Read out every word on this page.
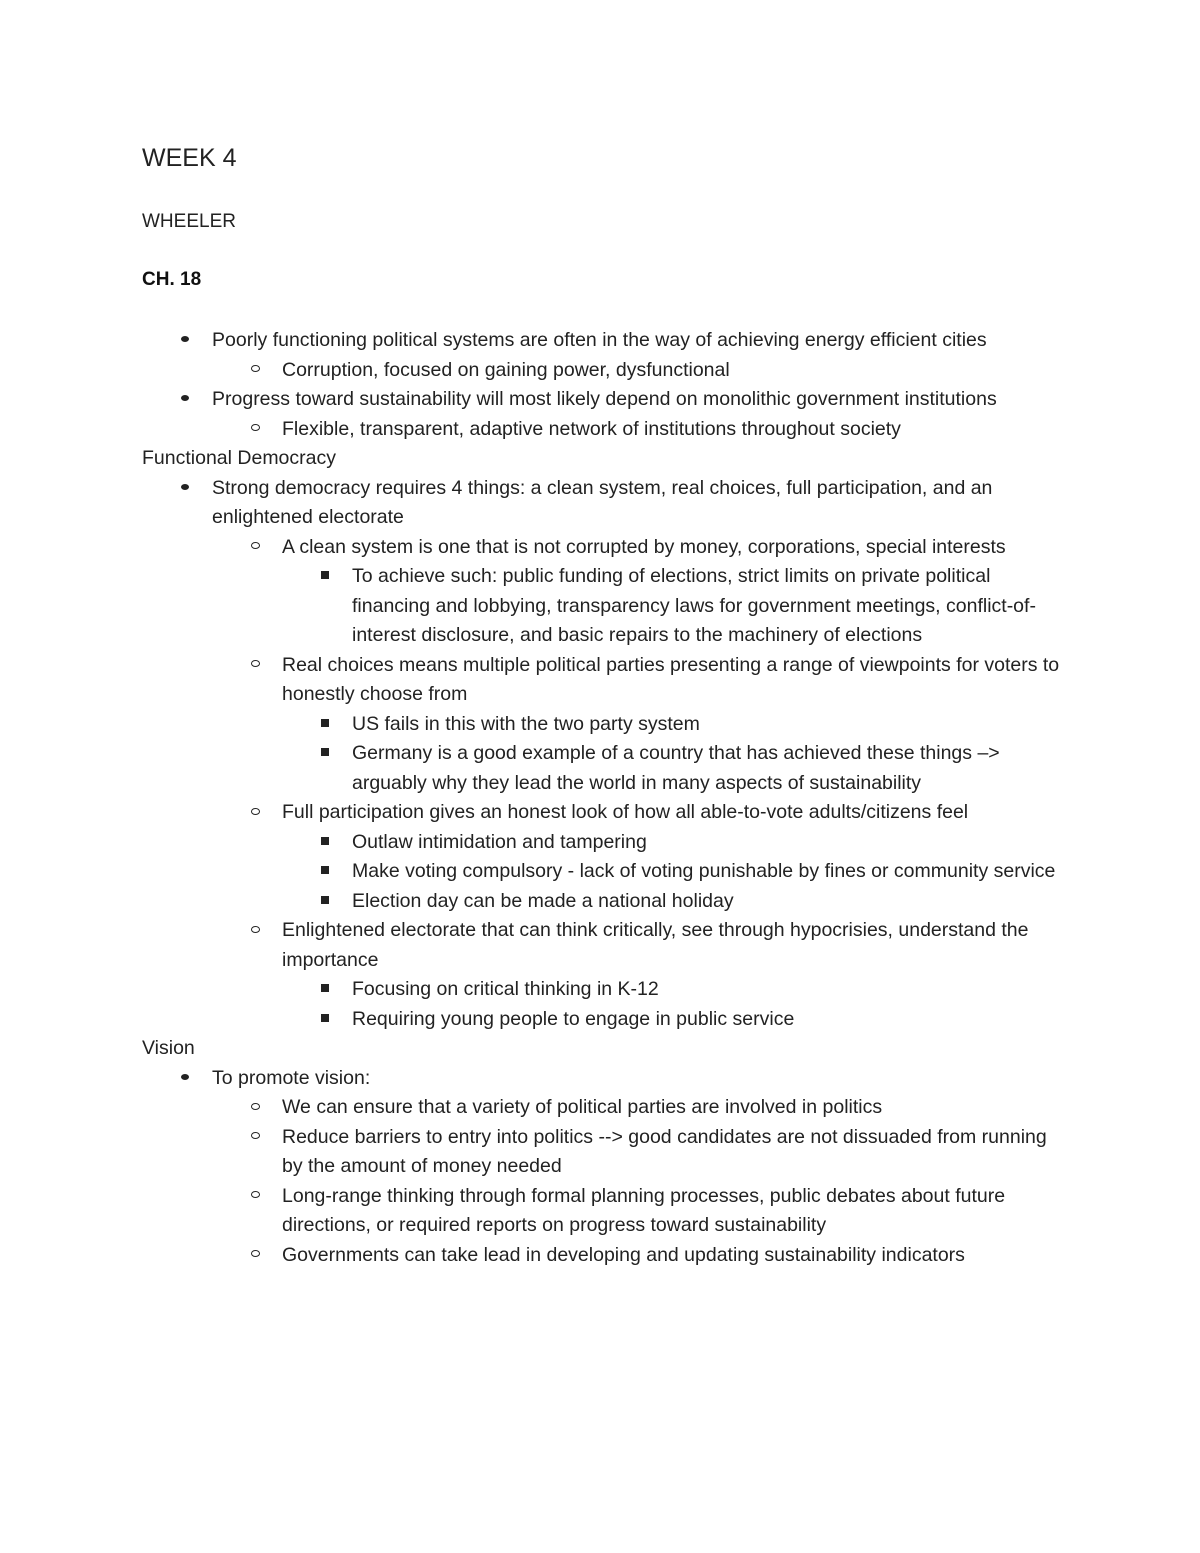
WEEK 4
WHEELER
CH. 18
Poorly functioning political systems are often in the way of achieving energy efficient cities
Corruption, focused on gaining power, dysfunctional
Progress toward sustainability will most likely depend on monolithic government institutions
Flexible, transparent, adaptive network of institutions throughout society
Functional Democracy
Strong democracy requires 4 things: a clean system, real choices, full participation, and an enlightened electorate
A clean system is one that is not corrupted by money, corporations, special interests
To achieve such: public funding of elections, strict limits on private political financing and lobbying, transparency laws for government meetings, conflict-of-interest disclosure, and basic repairs to the machinery of elections
Real choices means multiple political parties presenting a range of viewpoints for voters to honestly choose from
US fails in this with the two party system
Germany is a good example of a country that has achieved these things –> arguably why they lead the world in many aspects of sustainability
Full participation gives an honest look of how all able-to-vote adults/citizens feel
Outlaw intimidation and tampering
Make voting compulsory - lack of voting punishable by fines or community service
Election day can be made a national holiday
Enlightened electorate that can think critically, see through hypocrisies, understand the importance
Focusing on critical thinking in K-12
Requiring young people to engage in public service
Vision
To promote vision:
We can ensure that a variety of political parties are involved in politics
Reduce barriers to entry into politics --> good candidates are not dissuaded from running by the amount of money needed
Long-range thinking through formal planning processes, public debates about future directions, or required reports on progress toward sustainability
Governments can take lead in developing and updating sustainability indicators
